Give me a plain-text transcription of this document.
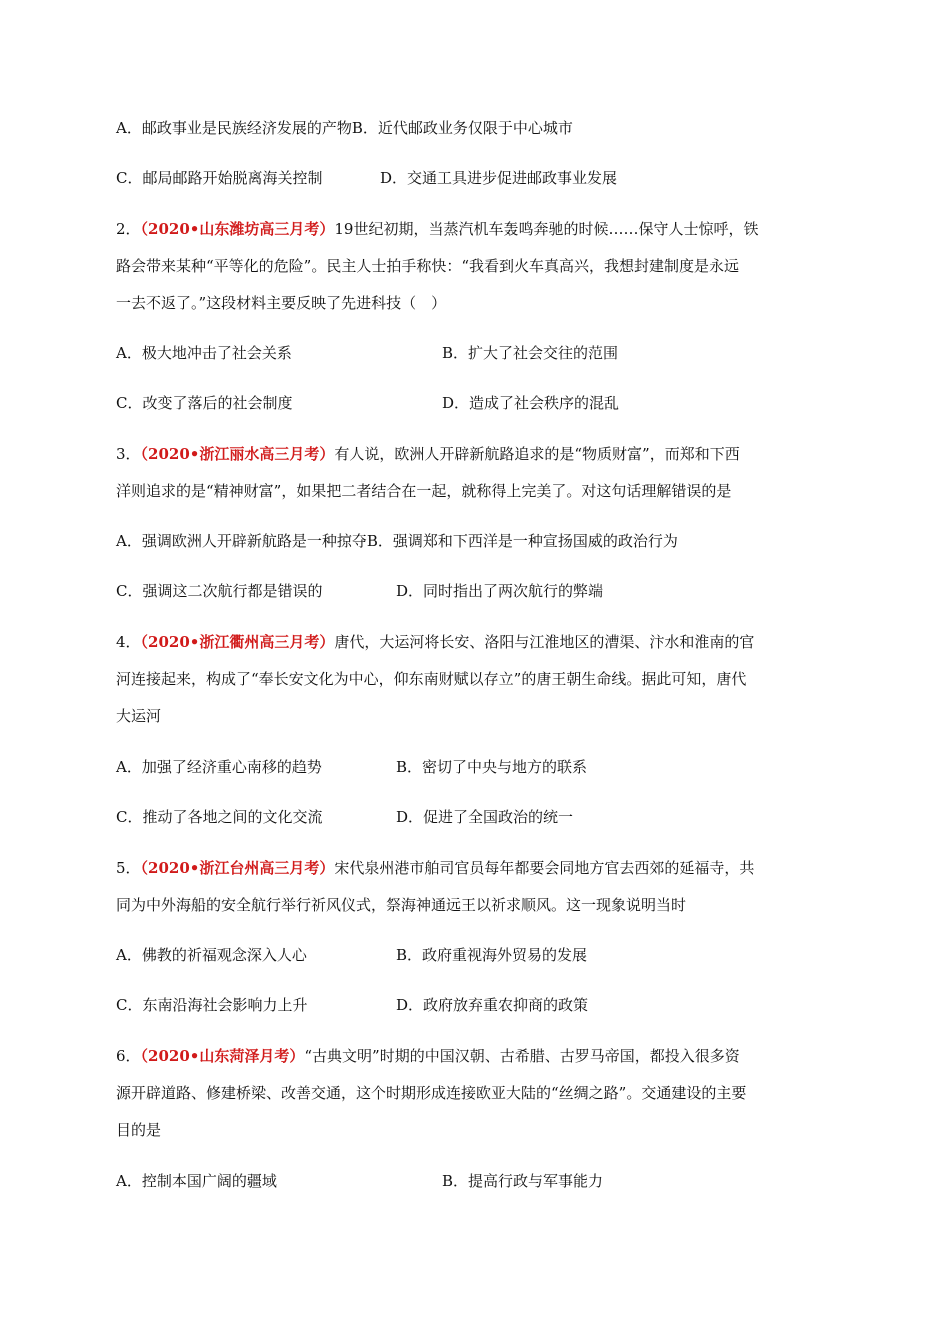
A．邮政事业是民族经济发展的产物B．近代邮政业务仅限于中心城市
C．邮局邮路开始脱离海关控制	D．交通工具进步促进邮政事业发展
2．（2020•山东潍坊高三月考）19世纪初期，当蒸汽机车轰鸣奔驰的时候……保守人士惊呼，铁
路会带来某种“平等化的危险”。民主人士拍手称快：“我看到火车真高兴，我想封建制度是永远
一去不返了。”这段材料主要反映了先进科技（　）
A．极大地冲击了社会关系	B．扩大了社会交往的范围
C．改变了落后的社会制度	D．造成了社会秩序的混乱
3．（2020•浙江丽水高三月考）有人说，欧洲人开辟新航路追求的是“物质财富”，而郑和下西
洋则追求的是“精神财富”，如果把二者结合在一起，就称得上完美了。对这句话理解错误的是
A．强调欧洲人开辟新航路是一种掠夺B．强调郑和下西洋是一种宣扬国威的政治行为
C．强调这二次航行都是错误的	D．同时指出了两次航行的弊端
4．（2020•浙江衢州高三月考）唐代，大运河将长安、洛阳与江淮地区的漕渠、汴水和淮南的官
河连接起来，构成了“奉长安文化为中心，仰东南财赋以存立”的唐王朝生命线。据此可知，唐代
大运河
A．加强了经济重心南移的趋势	B．密切了中央与地方的联系
C．推动了各地之间的文化交流	D．促进了全国政治的统一
5．（2020•浙江台州高三月考）宋代泉州港市舶司官员每年都要会同地方官去西郊的延福寺，共
同为中外海船的安全航行举行祈风仪式，祭海神通远王以祈求顺风。这一现象说明当时
A．佛教的祈福观念深入人心	B．政府重视海外贸易的发展
C．东南沿海社会影响力上升	D．政府放弃重农抑商的政策
6．（2020•山东菏泽月考）“古典文明”时期的中国汉朝、古希腊、古罗马帝国，都投入很多资
源开辟道路、修建桥梁、改善交通，这个时期形成连接欧亚大陆的“丝绸之路”。交通建设的主要
目的是
A．控制本国广阔的疆域	B．提高行政与军事能力
